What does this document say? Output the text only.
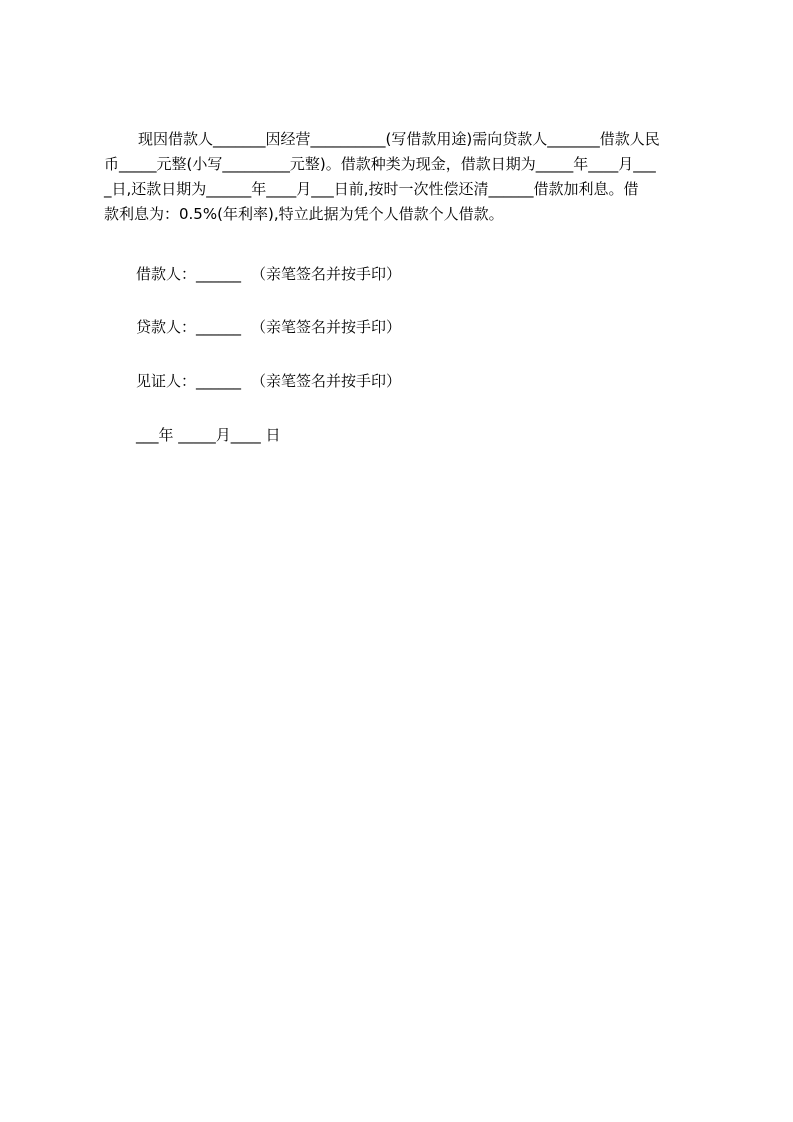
现因借款人_______因经营__________(写借款用途)需向贷款人_______借款人民
币_____元整(小写_________元整)。借款种类为现金，借款日期为_____年____月___
_日,还款日期为______年____月___日前,按时一次性偿还清______借款加利息。借
款利息为：0.5%(年利率),特立此据为凭个人借款个人借款。
借款人：______ （亲笔签名并按手印）
贷款人：______ （亲笔签名并按手印）
见证人：______ （亲笔签名并按手印）
___年 _____月____ 日
